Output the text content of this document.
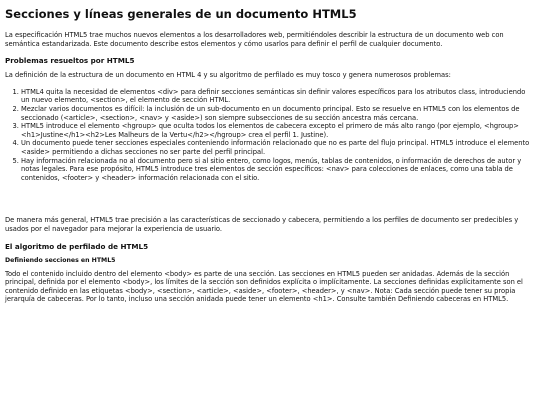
Secciones y líneas generales de un documento HTML5

La especificación HTML5 trae muchos nuevos elementos a los desarrolladores web, permitiéndoles describir la estructura de un documento web con semántica estandarizada. Este documento describe estos elementos y cómo usarlos para definir el perfil de cualquier documento.

Problemas resueltos por HTML5

La definición de la estructura de un documento en HTML 4 y su algoritmo de perfilado es muy tosco y genera numerosos problemas:

1. HTML4 quita la necesidad de elementos <div> para definir secciones semánticas sin definir valores específicos para los atributos class, introduciendo un nuevo elemento, <section>, el elemento de sección HTML.
2. Mezclar varios documentos es difícil: la inclusión de un sub-documento en un documento principal. Esto se resuelve en HTML5 con los elementos de seccionado (<article>, <section>, <nav> y <aside>) son siempre subsecciones de su sección ancestra más cercana.
3. HTML5 introduce el elemento <hgroup> que oculta todos los elementos de cabecera excepto el primero de más alto rango (por ejemplo, <hgroup><h1>Justine</h1><h2>Les Malheurs de la Vertu</h2></hgroup> crea el perfil 1. Justine).
4. Un documento puede tener secciones especiales conteniendo información relacionado que no es parte del flujo principal. HTML5 introduce el elemento <aside> permitiendo a dichas secciones no ser parte del perfil principal.
5. Hay información relacionada no al documento pero si al sitio entero, como logos, menús, tablas de contenidos, o información de derechos de autor y notas legales. Para ese propósito, HTML5 introduce tres elementos de sección específicos: <nav> para colecciones de enlaces, como una tabla de contenidos, <footer> y <header> información relacionada con el sitio.

De manera más general, HTML5 trae precisión a las características de seccionado y cabecera, permitiendo a los perfiles de documento ser predecibles y usados por el navegador para mejorar la experiencia de usuario.

El algoritmo de perfilado de HTML5
Definiendo secciones en HTML5

Todo el contenido incluido dentro del elemento <body> es parte de una sección. Las secciones en HTML5 pueden ser anidadas. Además de la sección principal, definida por el elemento <body>, los límites de la sección son definidos explícita o implícitamente. La secciones definidas explícitamente son el contenido definido en las etiquetas <body>, <section>, <article>, <aside>, <footer>, <header>, y <nav>. Nota: Cada sección puede tener su propia jerarquía de cabeceras. Por lo tanto, incluso una sección anidada puede tener un elemento <h1>. Consulte también Definiendo cabeceras en HTML5.
